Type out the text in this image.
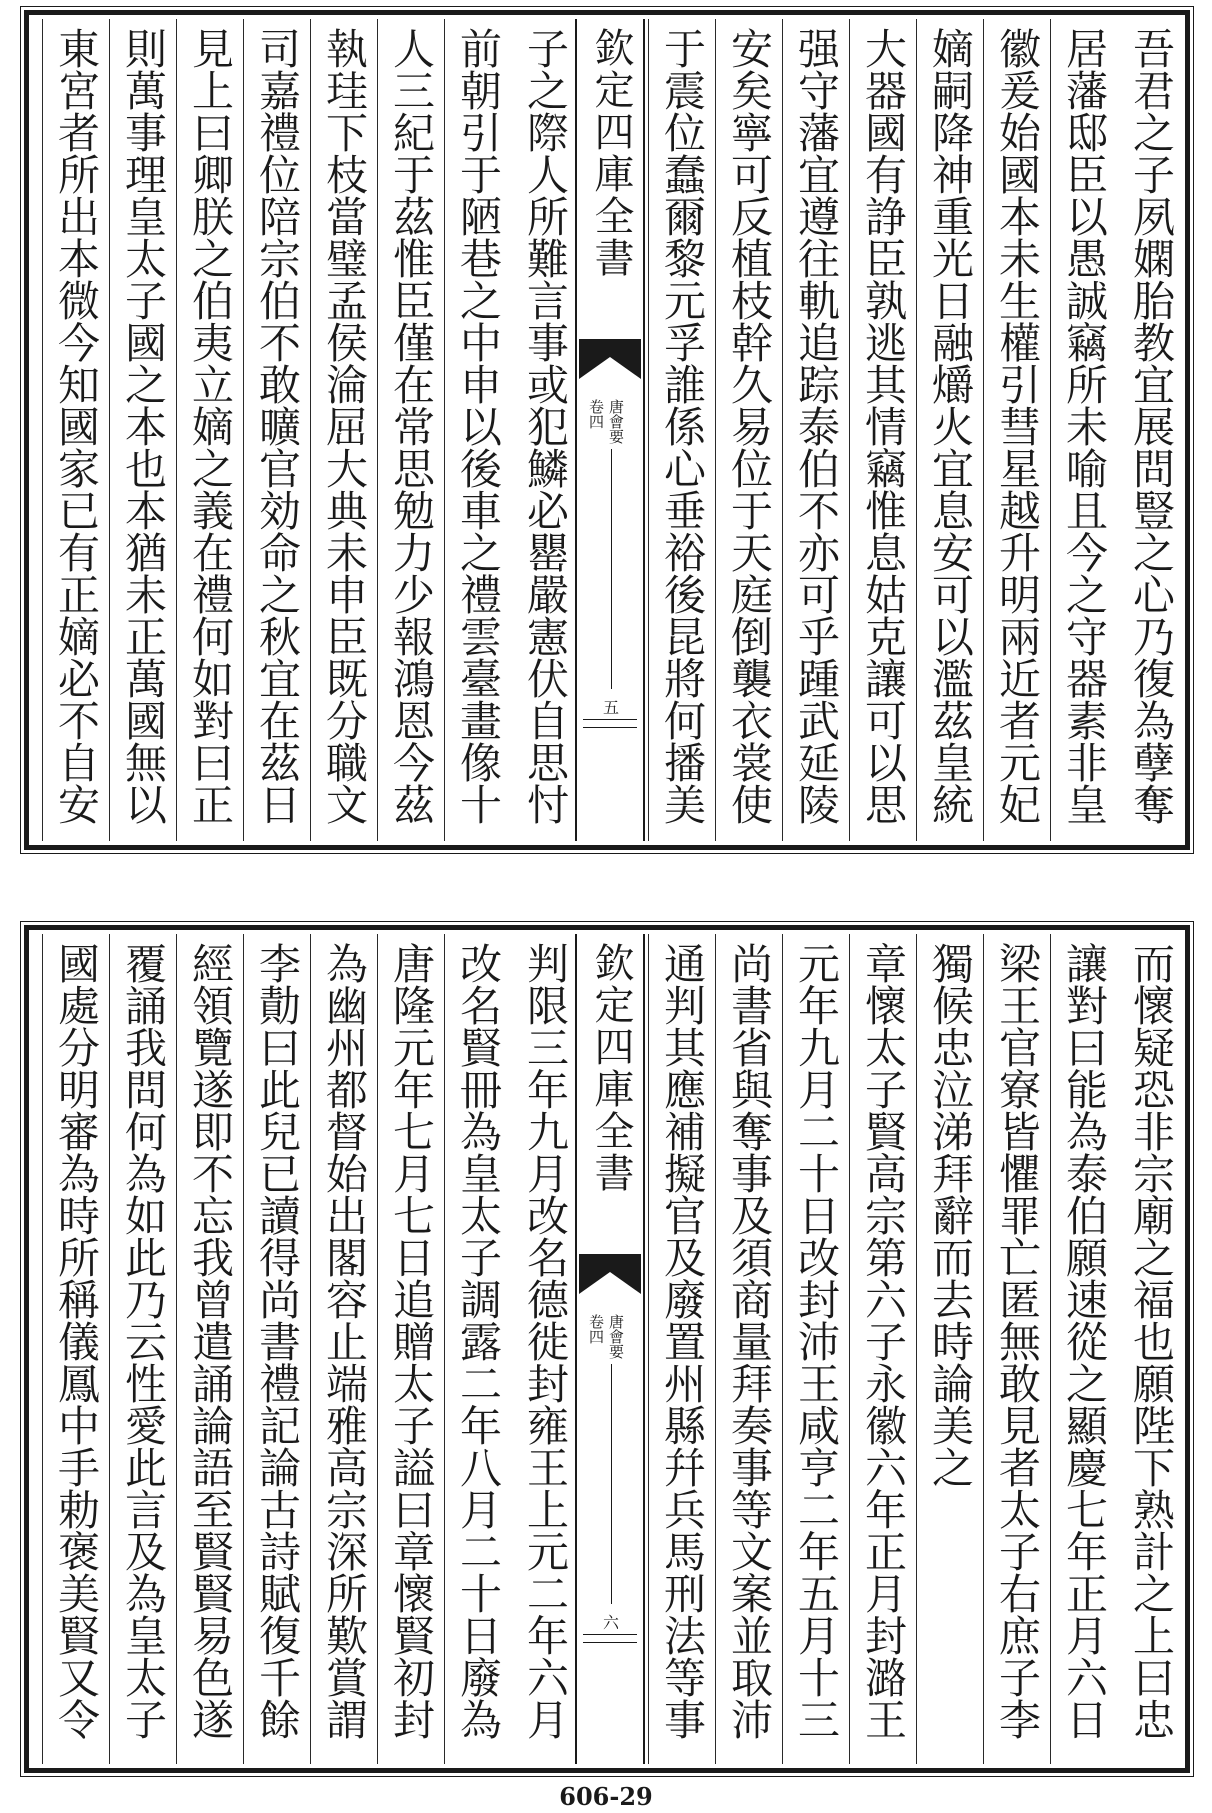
吾君之子夙嫻胎教宜展問豎之心乃復為孽奪
居藩邸臣以愚誠竊所未喻且今之守器素非皇
徽爰始國本未生權引彗星越升明兩近者元妃
嫡嗣降神重光日融爝火宜息安可以濫茲皇統
大器國有諍臣孰逃其情竊惟息姑克讓可以思
强守藩宜遵往軌追踪泰伯不亦可乎踵武延陵
安矣寧可反植枝幹久易位于天庭倒襲衣裳使
于震位蠢爾黎元孚誰係心垂裕後昆將何播美
欽定四庫全書
唐會要
卷四
五
子之際人所難言事或犯鱗必罌嚴憲伏自思忖
前朝引于陋巷之中申以後車之禮雲臺畫像十
人三紀于茲惟臣僅在常思勉力少報鴻恩今茲
執珪下枝當璧孟侯淪屈大典未申臣既分職文
司嘉禮位陪宗伯不敢曠官効命之秋宜在茲日
見上曰卿朕之伯夷立嫡之義在禮何如對曰正
則萬事理皇太子國之本也本猶未正萬國無以
東宮者所出本微今知國家已有正嫡必不自安
而懷疑恐非宗廟之福也願陛下熟計之上曰忠
讓對曰能為泰伯願速從之顯慶七年正月六日
梁王官寮皆懼罪亡匿無敢見者太子右庶子李
獨候忠泣涕拜辭而去時論美之
章懷太子賢高宗第六子永徽六年正月封潞王
元年九月二十日改封沛王咸亨二年五月十三
尚書省與奪事及須商量拜奏事等文案並取沛
通判其應補擬官及廢置州縣幷兵馬刑法等事
欽定四庫全書
唐會要
卷四
六
判限三年九月改名德徙封雍王上元二年六月
改名賢冊為皇太子調露二年八月二十日廢為
唐隆元年七月七日追贈太子謚曰章懷賢初封
為幽州都督始出閣容止端雅高宗深所歎賞謂
李勣曰此兒已讀得尚書禮記論古詩賦復千餘
經領覽遂即不忘我曾遣誦論語至賢賢易色遂
覆誦我問何為如此乃云性愛此言及為皇太子
國處分明審為時所稱儀鳳中手勅褒美賢又令
606-29
